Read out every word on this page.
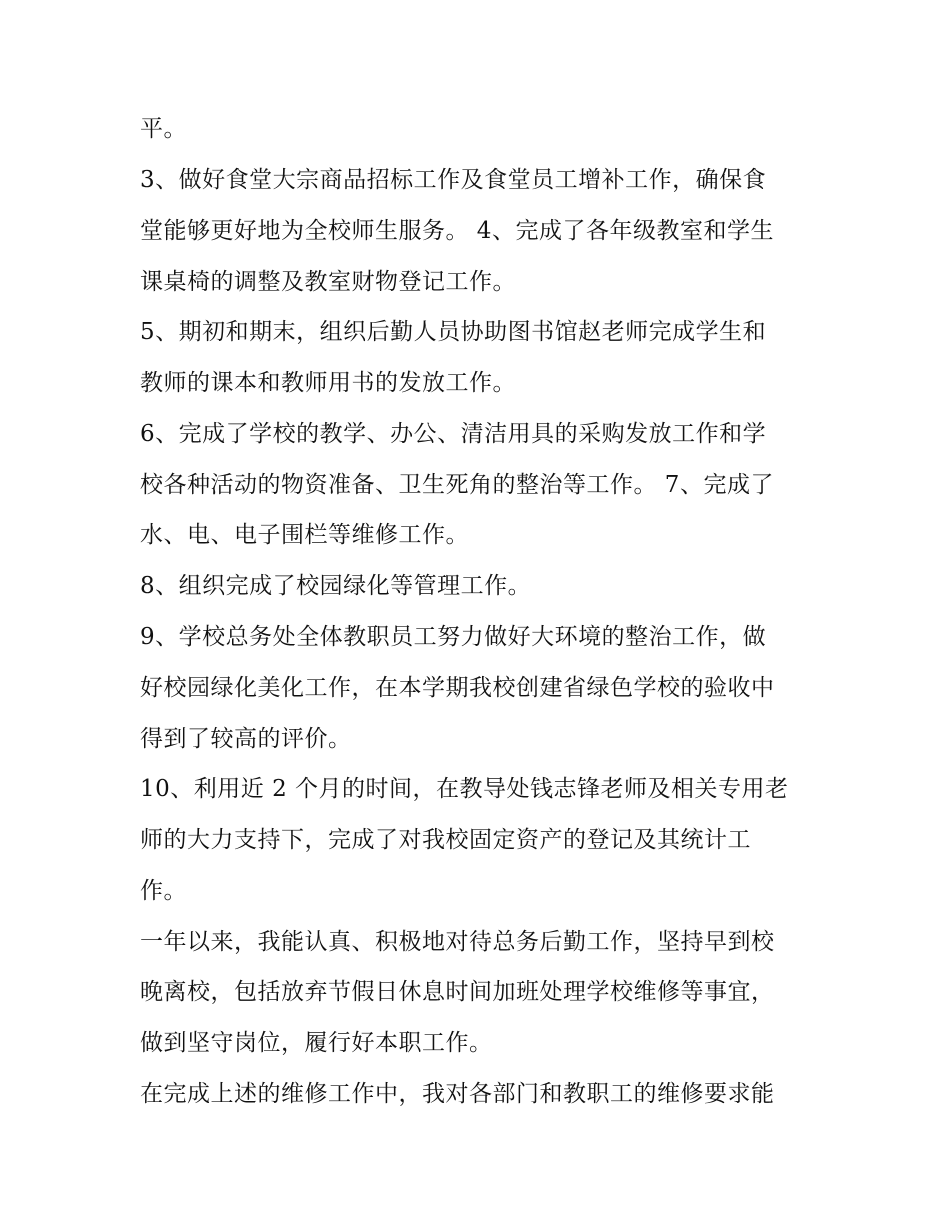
平。
3、做好食堂大宗商品招标工作及食堂员工增补工作，确保食
堂能够更好地为全校师生服务。 4、完成了各年级教室和学生
课桌椅的调整及教室财物登记工作。
5、期初和期末，组织后勤人员协助图书馆赵老师完成学生和
教师的课本和教师用书的发放工作。
6、完成了学校的教学、办公、清洁用具的采购发放工作和学
校各种活动的物资准备、卫生死角的整治等工作。 7、完成了
水、电、电子围栏等维修工作。
8、组织完成了校园绿化等管理工作。
9、学校总务处全体教职员工努力做好大环境的整治工作，做
好校园绿化美化工作，在本学期我校创建省绿色学校的验收中
得到了较高的评价。
10、利用近 2 个月的时间，在教导处钱志锋老师及相关专用老
师的大力支持下，完成了对我校固定资产的登记及其统计工
作。
一年以来，我能认真、积极地对待总务后勤工作，坚持早到校
晚离校，包括放弃节假日休息时间加班处理学校维修等事宜，
做到坚守岗位，履行好本职工作。
在完成上述的维修工作中，我对各部门和教职工的维修要求能
